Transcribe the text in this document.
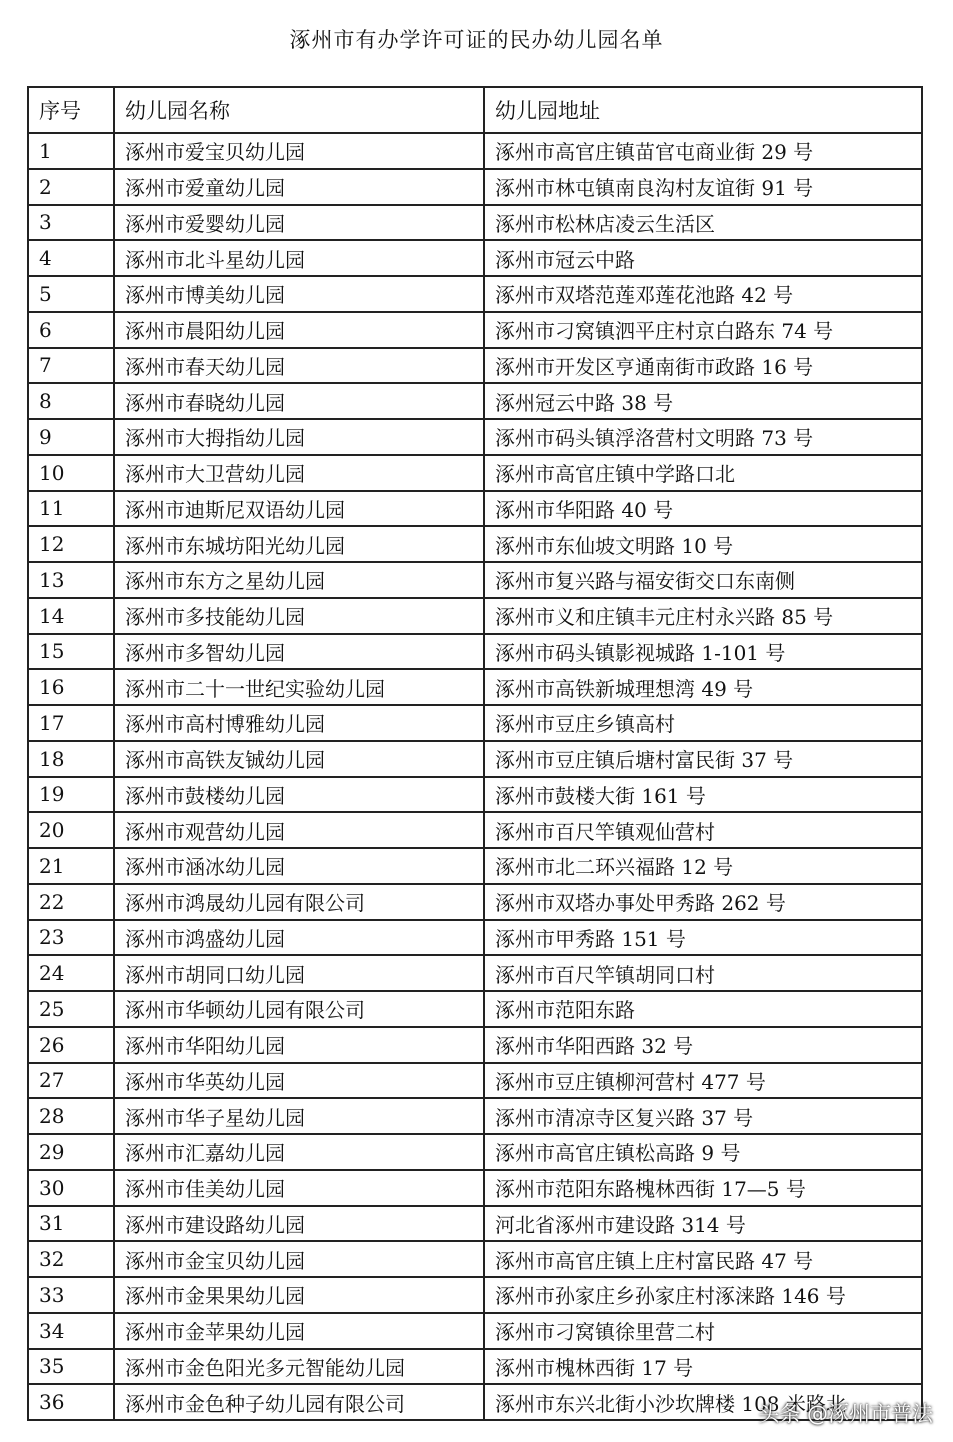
涿州市有办学许可证的民办幼儿园名单
序号	幼儿园名称	幼儿园地址
1	涿州市爱宝贝幼儿园	涿州市高官庄镇苗官屯商业街 29 号
2	涿州市爱童幼儿园	涿州市林屯镇南良沟村友谊街 91 号
3	涿州市爱婴幼儿园	涿州市松林店凌云生活区
4	涿州市北斗星幼儿园	涿州市冠云中路
5	涿州市博美幼儿园	涿州市双塔范莲邓莲花池路 42 号
6	涿州市晨阳幼儿园	涿州市刁窝镇泗平庄村京白路东 74 号
7	涿州市春天幼儿园	涿州市开发区亨通南街市政路 16 号
8	涿州市春晓幼儿园	涿州冠云中路 38 号
9	涿州市大拇指幼儿园	涿州市码头镇浮洛营村文明路 73 号
10	涿州市大卫营幼儿园	涿州市高官庄镇中学路口北
11	涿州市迪斯尼双语幼儿园	涿州市华阳路 40 号
12	涿州市东城坊阳光幼儿园	涿州市东仙坡文明路 10 号
13	涿州市东方之星幼儿园	涿州市复兴路与福安街交口东南侧
14	涿州市多技能幼儿园	涿州市义和庄镇丰元庄村永兴路 85 号
15	涿州市多智幼儿园	涿州市码头镇影视城路 1-101 号
16	涿州市二十一世纪实验幼儿园	涿州市高铁新城理想湾 49 号
17	涿州市高村博雅幼儿园	涿州市豆庄乡镇高村
18	涿州市高铁友铖幼儿园	涿州市豆庄镇后塘村富民街 37 号
19	涿州市鼓楼幼儿园	涿州市鼓楼大街 161 号
20	涿州市观营幼儿园	涿州市百尺竿镇观仙营村
21	涿州市涵冰幼儿园	涿州市北二环兴福路 12 号
22	涿州市鸿晟幼儿园有限公司	涿州市双塔办事处甲秀路 262 号
23	涿州市鸿盛幼儿园	涿州市甲秀路 151 号
24	涿州市胡同口幼儿园	涿州市百尺竿镇胡同口村
25	涿州市华顿幼儿园有限公司	涿州市范阳东路
26	涿州市华阳幼儿园	涿州市华阳西路 32 号
27	涿州市华英幼儿园	涿州市豆庄镇柳河营村 477 号
28	涿州市华子星幼儿园	涿州市清凉寺区复兴路 37 号
29	涿州市汇嘉幼儿园	涿州市高官庄镇松高路 9 号
30	涿州市佳美幼儿园	涿州市范阳东路槐林西街 17—5 号
31	涿州市建设路幼儿园	河北省涿州市建设路 314 号
32	涿州市金宝贝幼儿园	涿州市高官庄镇上庄村富民路 47 号
33	涿州市金果果幼儿园	涿州市孙家庄乡孙家庄村涿涞路 146 号
34	涿州市金苹果幼儿园	涿州市刁窝镇徐里营二村
35	涿州市金色阳光多元智能幼儿园	涿州市槐林西街 17 号
36	涿州市金色种子幼儿园有限公司	涿州市东兴北街小沙坎牌楼 108 米路北
头条 @涿州市普法
